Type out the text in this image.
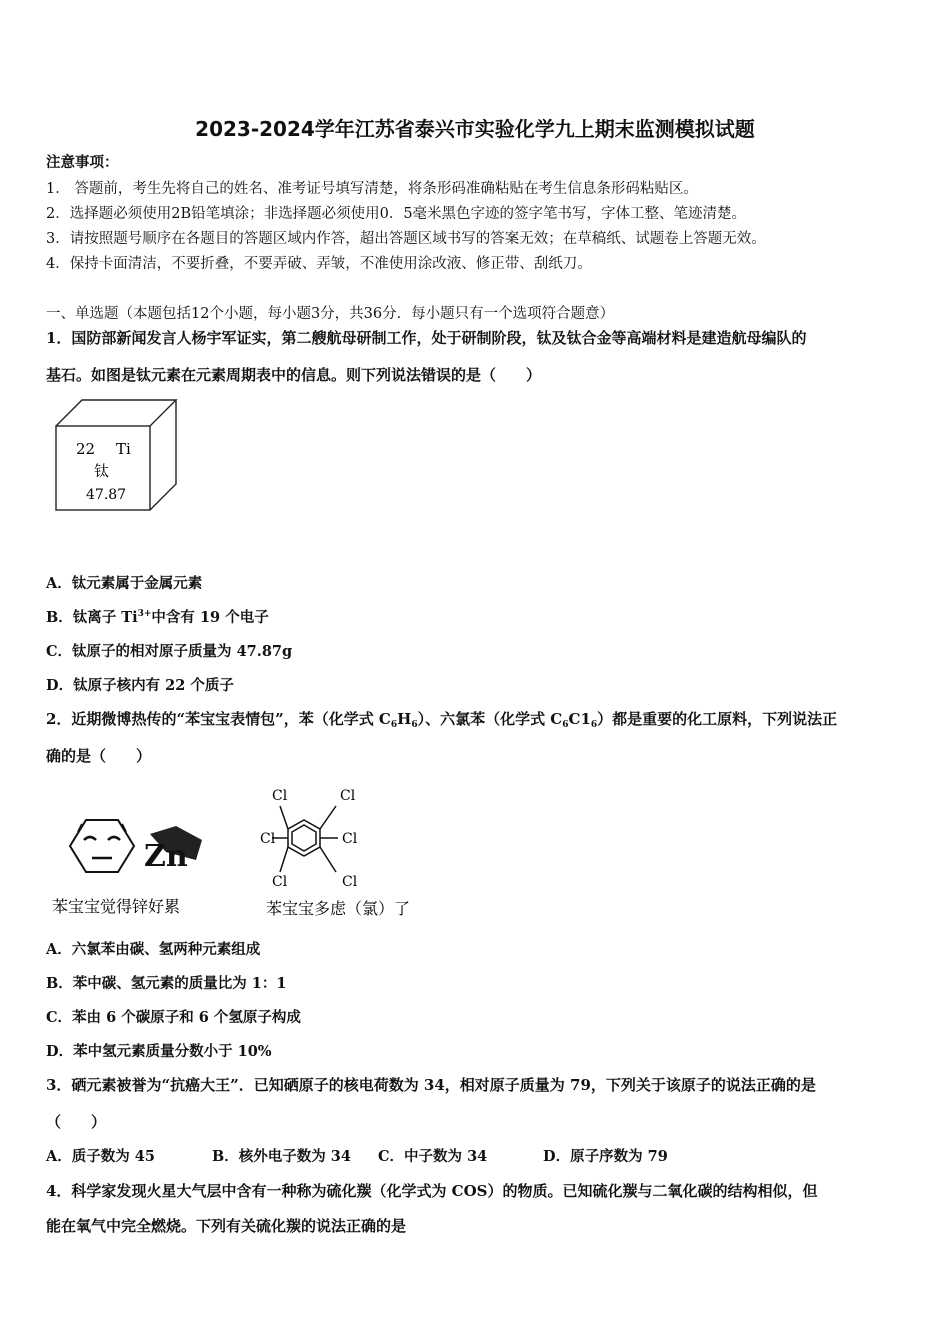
2023-2024学年江苏省泰兴市实验化学九上期末监测模拟试题
注意事项：
1． 答题前，考生先将自己的姓名、准考证号填写清楚，将条形码准确粘贴在考生信息条形码粘贴区。
2．选择题必须使用2B铅笔填涂；非选择题必须使用0．5毫米黑色字迹的签字笔书写，字体工整、笔迹清楚。
3．请按照题号顺序在各题目的答题区域内作答，超出答题区域书写的答案无效；在草稿纸、试题卷上答题无效。
4．保持卡面清洁，不要折叠，不要弄破、弄皱，不准使用涂改液、修正带、刮纸刀。
一、单选题（本题包括12个小题，每小题3分，共36分．每小题只有一个选项符合题意）
1．国防部新闻发言人杨宇军证实，第二艘航母研制工作，处于研制阶段，钛及钛合金等高端材料是建造航母编队的
基石。如图是钛元素在元素周期表中的信息。则下列说法错误的是（　　）
22 Ti
钛
47.87
A．钛元素属于金属元素
B．钛离子 $Ti^{3+}$中含有 19 个电子
C．钛原子的相对原子质量为 47.87g
D．钛原子核内有 22 个质子
2．近期微博热传的“苯宝宝表情包”，苯（化学式 $C_6H_6$）、六氯苯（化学式 $C_6C1_6$）都是重要的化工原料，下列说法正
确的是（　　）
Zn
Cl	Cl
Cl	Cl
Cl	Cl
苯宝宝觉得锌好累	苯宝宝多虑（氯）了
A．六氯苯由碳、氢两种元素组成
B．苯中碳、氢元素的质量比为 1：1
C．苯由 6 个碳原子和 6 个氢原子构成
D．苯中氢元素质量分数小于 10%
3．硒元素被誉为“抗癌大王”．已知硒原子的核电荷数为 34，相对原子质量为 79，下列关于该原子的说法正确的是
（　　）
A．质子数为 45	B．核外电子数为 34 C．中子数为 34	D．原子序数为 79
4．科学家发现火星大气层中含有一种称为硫化羰（化学式为 COS）的物质。已知硫化羰与二氧化碳的结构相似，但
能在氧气中完全燃烧。下列有关硫化羰的说法正确的是
